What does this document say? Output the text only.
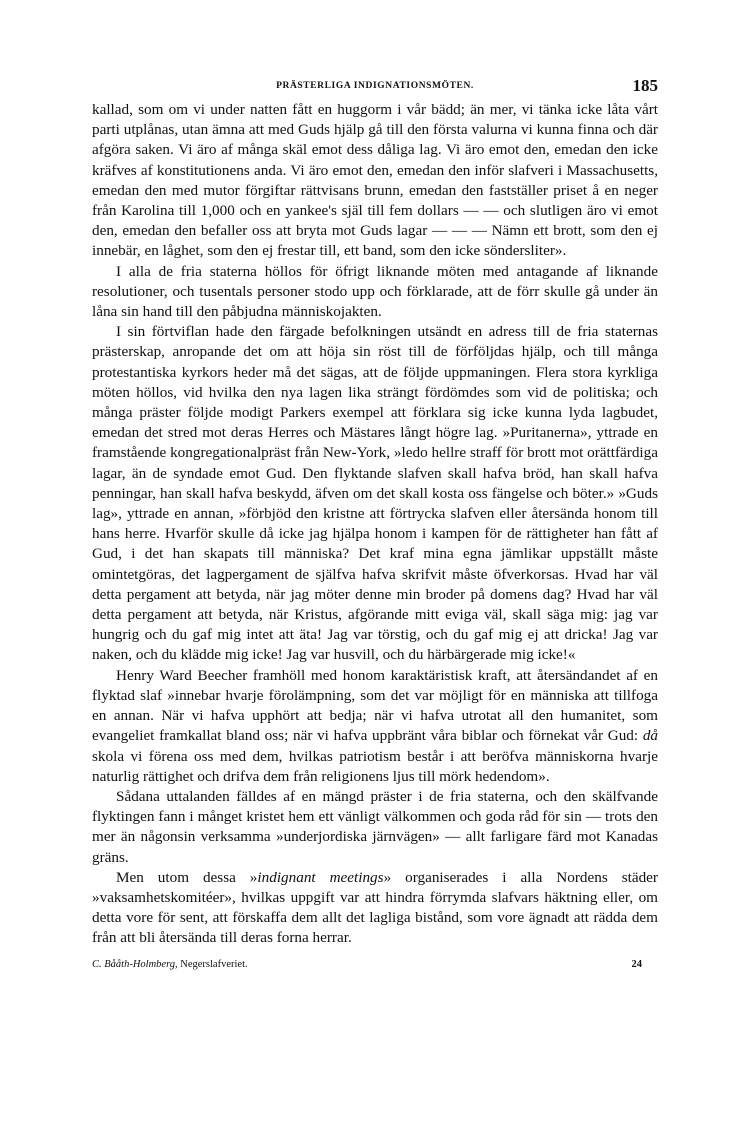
PRÄSTERLIGA INDIGNATIONSMÖTEN.	185

kallad, som om vi under natten fått en huggorm i vår bädd; än mer, vi tänka icke låta vårt parti utplånas, utan ämna att med Guds hjälp gå till den första valurna vi kunna finna och där afgöra saken. Vi äro af många skäl emot dess dåliga lag. Vi äro emot den, emedan den icke kräfves af konstitutionens anda. Vi äro emot den, emedan den inför slafveri i Massachusetts, emedan den med mutor förgiftar rättvisans brunn, emedan den fastställer priset å en neger från Karolina till 1,000 och en yankee's själ till fem dollars — — och slutligen äro vi emot den, emedan den befaller oss att bryta mot Guds lagar — — — Nämn ett brott, som den ej innebär, en låghet, som den ej frestar till, ett band, som den icke söndersliter».

I alla de fria staterna höllos för öfrigt liknande möten med antagande af liknande resolutioner, och tusentals personer stodo upp och förklarade, att de förr skulle gå under än låna sin hand till den påbjudna människojakten.

I sin förtviflan hade den färgade befolkningen utsändt en adress till de fria staternas prästerskap, anropande det om att höja sin röst till de förföljdas hjälp, och till många protestantiska kyrkors heder må det sägas, att de följde uppmaningen. Flera stora kyrkliga möten höllos, vid hvilka den nya lagen lika strängt fördömdes som vid de politiska; och många präster följde modigt Parkers exempel att förklara sig icke kunna lyda lagbudet, emedan det stred mot deras Herres och Mästares långt högre lag. »Puritanerna», yttrade en framstående kongregationalpräst från New-York, »ledo hellre straff för brott mot orättfärdiga lagar, än de syndade emot Gud. Den flyktande slafven skall hafva bröd, han skall hafva penningar, han skall hafva beskydd, äfven om det skall kosta oss fängelse och böter.» »Guds lag», yttrade en annan, »förbjöd den kristne att förtrycka slafven eller återsända honom till hans herre. Hvarför skulle då icke jag hjälpa honom i kampen för de rättigheter han fått af Gud, i det han skapats till människa? Det kraf mina egna jämlikar uppställt måste omintetgöras, det lagpergament de själfva hafva skrifvit måste öfverkorsas. Hvad har väl detta pergament att betyda, när jag möter denne min broder på domens dag? Hvad har väl detta pergament att betyda, när Kristus, afgörande mitt eviga väl, skall säga mig: jag var hungrig och du gaf mig intet att äta! Jag var törstig, och du gaf mig ej att dricka! Jag var naken, och du klädde mig icke! Jag var husvill, och du härbärgerade mig icke!«

Henry Ward Beecher framhöll med honom karaktäristisk kraft, att återsändandet af en flyktad slaf »innebar hvarje förolämpning, som det var möjligt för en människa att tillfoga en annan. När vi hafva upphört att bedja; när vi hafva utrotat all den humanitet, som evangeliet framkallat bland oss; när vi hafva uppbränt våra biblar och förnekat vår Gud: då skola vi förena oss med dem, hvilkas patriotism består i att beröfva människorna hvarje naturlig rättighet och drifva dem från religionens ljus till mörk hedendom».

Sådana uttalanden fälldes af en mängd präster i de fria staterna, och den skälfvande flyktingen fann i månget kristet hem ett vänligt välkommen och goda råd för sin — trots den mer än någonsin verksamma »underjordiska järnvägen» — allt farligare färd mot Kanadas gräns.

Men utom dessa »indignant meetings» organiserades i alla Nordens städer »vaksamhetskomitéer», hvilkas uppgift var att hindra förrymda slafvars häktning eller, om detta vore för sent, att förskaffa dem allt det lagliga bistånd, som vore ägnadt att rädda dem från att bli återsända till deras forna herrar.

C. Bååth-Holmberg, Negerslafveriet.	24
